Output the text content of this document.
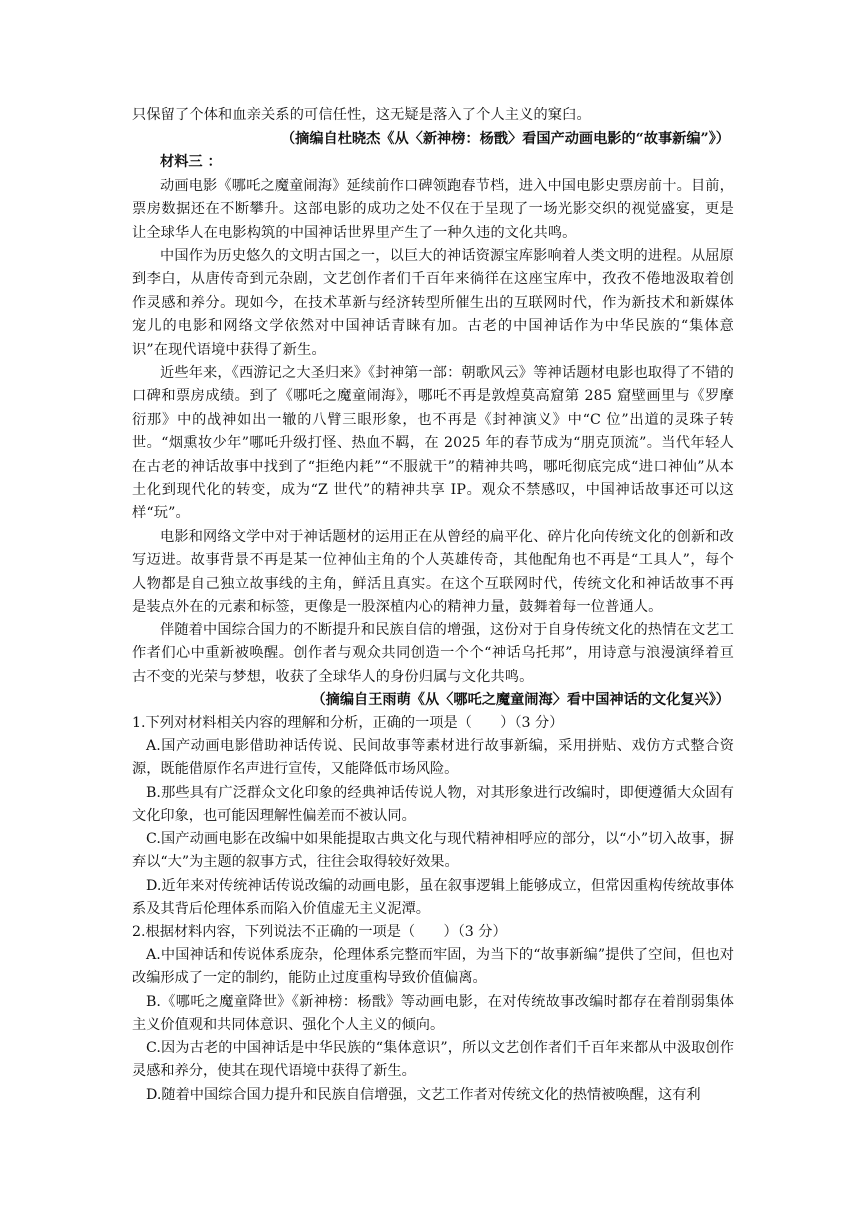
只保留了个体和血亲关系的可信任性，这无疑是落入了个人主义的窠臼。
（摘编自杜晓杰《从〈新神榜：杨戬〉看国产动画电影的“故事新编”》）
材料三 ：
动画电影《哪吒之魔童闹海》延续前作口碑领跑春节档，进入中国电影史票房前十。目前，票房数据还在不断攀升。这部电影的成功之处不仅在于呈现了一场光影交织的视觉盛宴，更是让全球华人在电影构筑的中国神话世界里产生了一种久违的文化共鸣。
中国作为历史悠久的文明古国之一，以巨大的神话资源宝库影响着人类文明的进程。从屈原到李白，从唐传奇到元杂剧，文艺创作者们千百年来徜徉在这座宝库中，孜孜不倦地汲取着创作灵感和养分。现如今，在技术革新与经济转型所催生出的互联网时代，作为新技术和新媒体宠儿的电影和网络文学依然对中国神话青睐有加。古老的中国神话作为中华民族的“集体意识”在现代语境中获得了新生。
近些年来，《西游记之大圣归来》《封神第一部：朝歌风云》等神话题材电影也取得了不错的口碑和票房成绩。到了《哪吒之魔童闹海》，哪吒不再是敦煌莫高窟第 285 窟壁画里与《罗摩衍那》中的战神如出一辙的八臂三眼形象，也不再是《封神演义》中“C 位”出道的灵珠子转世。“烟熏妆少年”哪吒升级打怪、热血不羁，在 2025 年的春节成为“朋克顶流”。当代年轻人在古老的神话故事中找到了“拒绝内耗”“不服就干”的精神共鸣，哪吒彻底完成“进口神仙”从本土化到现代化的转变，成为“Z 世代”的精神共享 IP。观众不禁感叹，中国神话故事还可以这样“玩”。
电影和网络文学中对于神话题材的运用正在从曾经的扁平化、碎片化向传统文化的创新和改写迈进。故事背景不再是某一位神仙主角的个人英雄传奇，其他配角也不再是“工具人”，每个人物都是自己独立故事线的主角，鲜活且真实。在这个互联网时代，传统文化和神话故事不再是装点外在的元素和标签，更像是一股深植内心的精神力量，鼓舞着每一位普通人。
伴随着中国综合国力的不断提升和民族自信的增强，这份对于自身传统文化的热情在文艺工作者们心中重新被唤醒。创作者与观众共同创造一个个“神话乌托邦”，用诗意与浪漫演绎着亘古不变的光荣与梦想，收获了全球华人的身份归属与文化共鸣。
（摘编自王雨萌《从〈哪吒之魔童闹海〉看中国神话的文化复兴》）
1.下列对材料相关内容的理解和分析，正确的一项是（　　）（3 分）
A.国产动画电影借助神话传说、民间故事等素材进行故事新编，采用拼贴、戏仿方式整合资源，既能借原作名声进行宣传，又能降低市场风险。
B.那些具有广泛群众文化印象的经典神话传说人物，对其形象进行改编时，即便遵循大众固有文化印象，也可能因理解性偏差而不被认同。
C.国产动画电影在改编中如果能提取古典文化与现代精神相呼应的部分，以“小”切入故事，摒弃以“大”为主题的叙事方式，往往会取得较好效果。
D.近年来对传统神话传说改编的动画电影，虽在叙事逻辑上能够成立，但常因重构传统故事体系及其背后伦理体系而陷入价值虚无主义泥潭。
2.根据材料内容，下列说法不正确的一项是（　　）（3 分）
A.中国神话和传说体系庞杂，伦理体系完整而牢固，为当下的“故事新编”提供了空间，但也对改编形成了一定的制约，能防止过度重构导致价值偏离。
B.《哪吒之魔童降世》《新神榜：杨戬》等动画电影，在对传统故事改编时都存在着削弱集体主义价值观和共同体意识、强化个人主义的倾向。
C.因为古老的中国神话是中华民族的“集体意识”，所以文艺创作者们千百年来都从中汲取创作灵感和养分，使其在现代语境中获得了新生。
D.随着中国综合国力提升和民族自信增强，文艺工作者对传统文化的热情被唤醒，这有利
